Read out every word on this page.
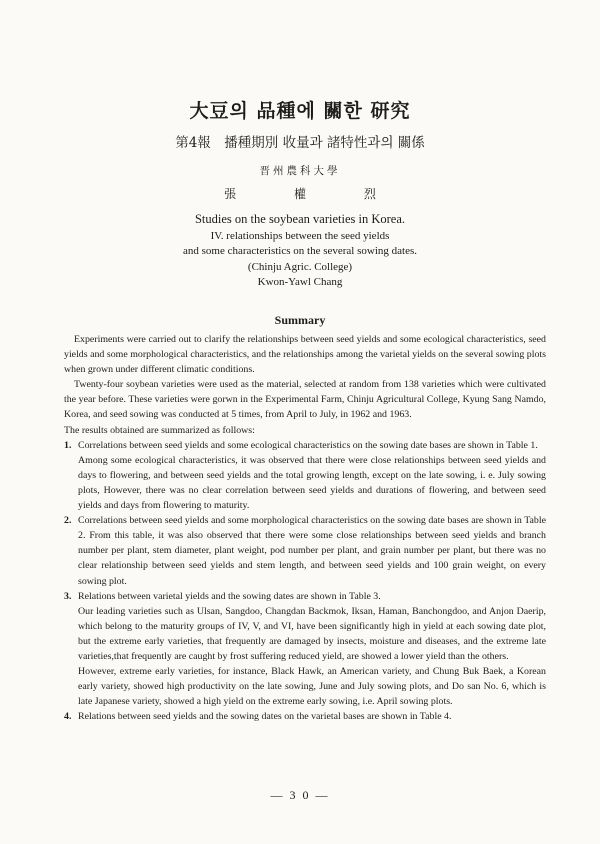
大豆의 品種에 關한 研究
第4報　播種期別 收量과 諸特性과의 關係
晋州農科大學
張	權	烈
Studies on the soybean varieties in Korea.
IV. relationships between the seed yields
and some characteristics on the several sowing dates.
(Chinju Agric. College)
Kwon-Yawl Chang
Summary

Experiments were carried out to clarify the relationships between seed yields and some ecological characteristics, seed yields and some morphological characteristics, and the relationships among the varietal yields on the several sowing plots when grown under different climatic conditions.

Twenty-four soybean varieties were used as the material, selected at random from 138 varieties which were cultivated the year before. These varieties were gorwn in the Experimental Farm, Chinju Agricultural College, Kyung Sang Namdo, Korea, and seed sowing was conducted at 5 times, from April to July, in 1962 and 1963.

The results obtained are summarized as follows:

1. Correlations between seed yields and some ecological characteristics on the sowing date bases are shown in Table 1.

Among some ecological characteristics, it was observed that there were close relationships between seed yields and days to flowering, and between seed yields and the total growing length, except on the late sowing, i. e. July sowing plots, However, there was no clear correlation between seed yields and durations of flowering, and between seed yields and days from flowering to maturity.

2. Correlations between seed yields and some morphological characteristics on the sowing date bases are shown in Table 2. From this table, it was also observed that there were some close relationships between seed yields and branch number per plant, stem diameter, plant weight, pod number per plant, and grain number per plant, but there was no clear relationship between seed yields and stem length, and between seed yields and 100 grain weight, on every sowing plot.
3. Relations between varietal yields and the sowing dates are shown in Table 3.

Our leading varieties such as Ulsan, Sangdoo, Changdan Backmok, Iksan, Haman, Banchongdoo, and Anjon Daerip, which belong to the maturity groups of IV, V, and VI, have been significantly high in yield at each sowing date plot, but the extreme early varieties, that frequently are damaged by insects, moisture and diseases, and the extreme late varieties,that frequently are caught by frost suffering reduced yield, are showed a lower yield than the others.

However, extreme early varieties, for instance, Black Hawk, an American variety, and Chung Buk Baek, a Korean early variety, showed high productivity on the late sowing, June and July sowing plots, and Do san No. 6, which is late Japanese variety, showed a high yield on the extreme early sowing, i.e. April sowing plots.

4. Relations between seed yields and the sowing dates on the varietal bases are shown in Table 4.
— 3 0 —
